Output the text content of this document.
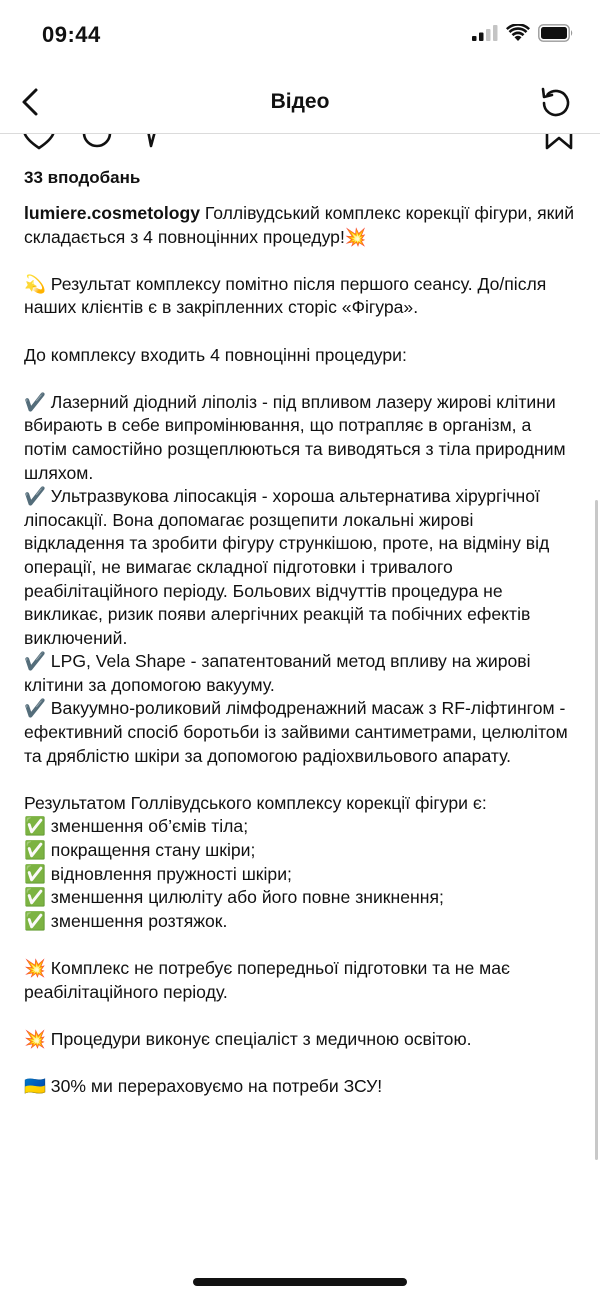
09:44
Відео
33 вподобань
lumiere.cosmetology Голлівудський комплекс корекції фігури, який складається з 4 повноцінних процедур!💥

💫 Результат комплексу помітно після першого сеансу. До/після наших клієнтів є в закріпленних сторіс «Фігура».

До комплексу входить 4 повноцінні процедури:

✔️ Лазерний діодний ліполіз - під впливом лазеру жирові клітини вбирають в себе випромінювання, що потрапляє в організм, а потім самостійно розщеплюються та виводяться з тіла природним шляхом.
✔️ Ультразвукова ліпосакція - хороша альтернатива хірургічної ліпосакції. Вона допомагає розщепити локальні жирові відкладення та зробити фігуру стрункішою, проте, на відміну від операції, не вимагає складної підготовки і тривалого реабілітаційного періоду. Больових відчуттів процедура не викликає, ризик появи алергічних реакцій та побічних ефектів виключений.
✔️ LPG, Vela Shape - запатентований метод впливу на жирові клітини за допомогою вакууму.
✔️ Вакуумно-роликовий лімфодренажний масаж з RF-ліфтингом - ефективний спосіб боротьби із зайвими сантиметрами, целюлітом та дряблістю шкіри за допомогою радіохвильового апарату.

Результатом Голлівудського комплексу корекції фігури є:
✅ зменшення об’ємів тіла;
✅ покращення стану шкіри;
✅ відновлення пружності шкіри;
✅ зменшення цилюліту або його повне зникнення;
✅ зменшення розтяжок.

💥 Комплекс не потребує попередньої підготовки та не має реабілітаційного періоду.

💥 Процедури виконує спеціаліст з медичною освітою.

🇺🇦 30% ми перераховуємо на потреби ЗСУ!
